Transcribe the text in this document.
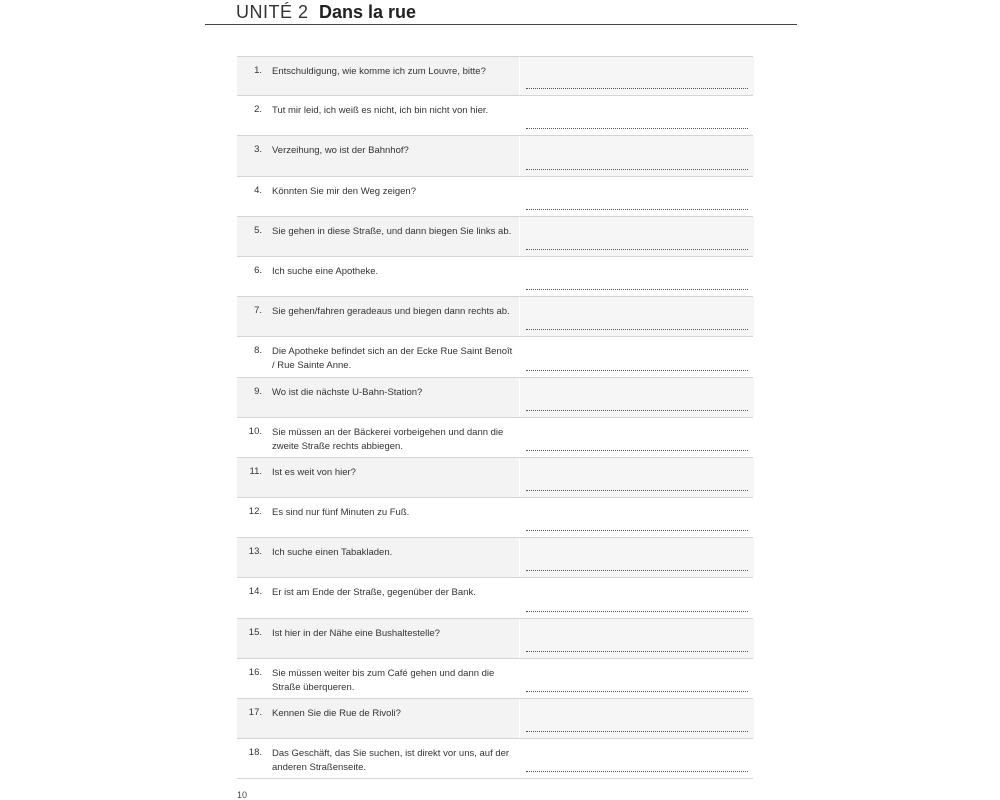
UNITÉ 2 Dans la rue
1. Entschuldigung, wie komme ich zum Louvre, bitte?
2. Tut mir leid, ich weiß es nicht, ich bin nicht von hier.
3. Verzeihung, wo ist der Bahnhof?
4. Könnten Sie mir den Weg zeigen?
5. Sie gehen in diese Straße, und dann biegen Sie links ab.
6. Ich suche eine Apotheke.
7. Sie gehen/fahren geradeaus und biegen dann rechts ab.
8. Die Apotheke befindet sich an der Ecke Rue Saint Benoît / Rue Sainte Anne.
9. Wo ist die nächste U-Bahn-Station?
10. Sie müssen an der Bäckerei vorbeigehen und dann die zweite Straße rechts abbiegen.
11. Ist es weit von hier?
12. Es sind nur fünf Minuten zu Fuß.
13. Ich suche einen Tabakladen.
14. Er ist am Ende der Straße, gegenüber der Bank.
15. Ist hier in der Nähe eine Bushaltestelle?
16. Sie müssen weiter bis zum Café gehen und dann die Straße überqueren.
17. Kennen Sie die Rue de Rivoli?
18. Das Geschäft, das Sie suchen, ist direkt vor uns, auf der anderen Straßenseite.
10
